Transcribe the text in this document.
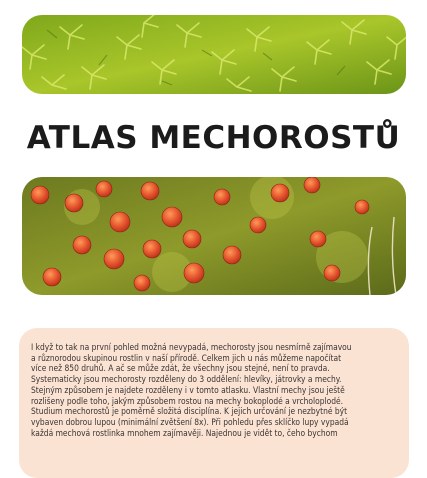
ATLAS MECHOROSTŮ

I když to tak na první pohled možná nevypadá, mechorosty jsou nesmírně zajímavou

a různorodou skupinou rostlin v naší přírodě. Celkem jich u nás můžeme napočítat

více než 850 druhů. A ač se může zdát, že všechny jsou stejné, není to pravda.

Systematicky jsou mechorosty rozděleny do 3 oddělení: hlevíky, játrovky a mechy.

Stejným způsobem je najdete rozděleny i v tomto atlasku. Vlastní mechy jsou ještě

rozlišeny podle toho, jakým způsobem rostou na mechy bokoplodé a vrcholoplodé.

Studium mechorostů je poměrně složitá disciplína. K jejich určování je nezbytné být

vybaven dobrou lupou (minimální zvětšení 8x). Při pohledu přes sklíčko lupy vypadá

každá mechová rostlinka mnohem zajímavěji. Najednou je vidět to, čeho bychom
